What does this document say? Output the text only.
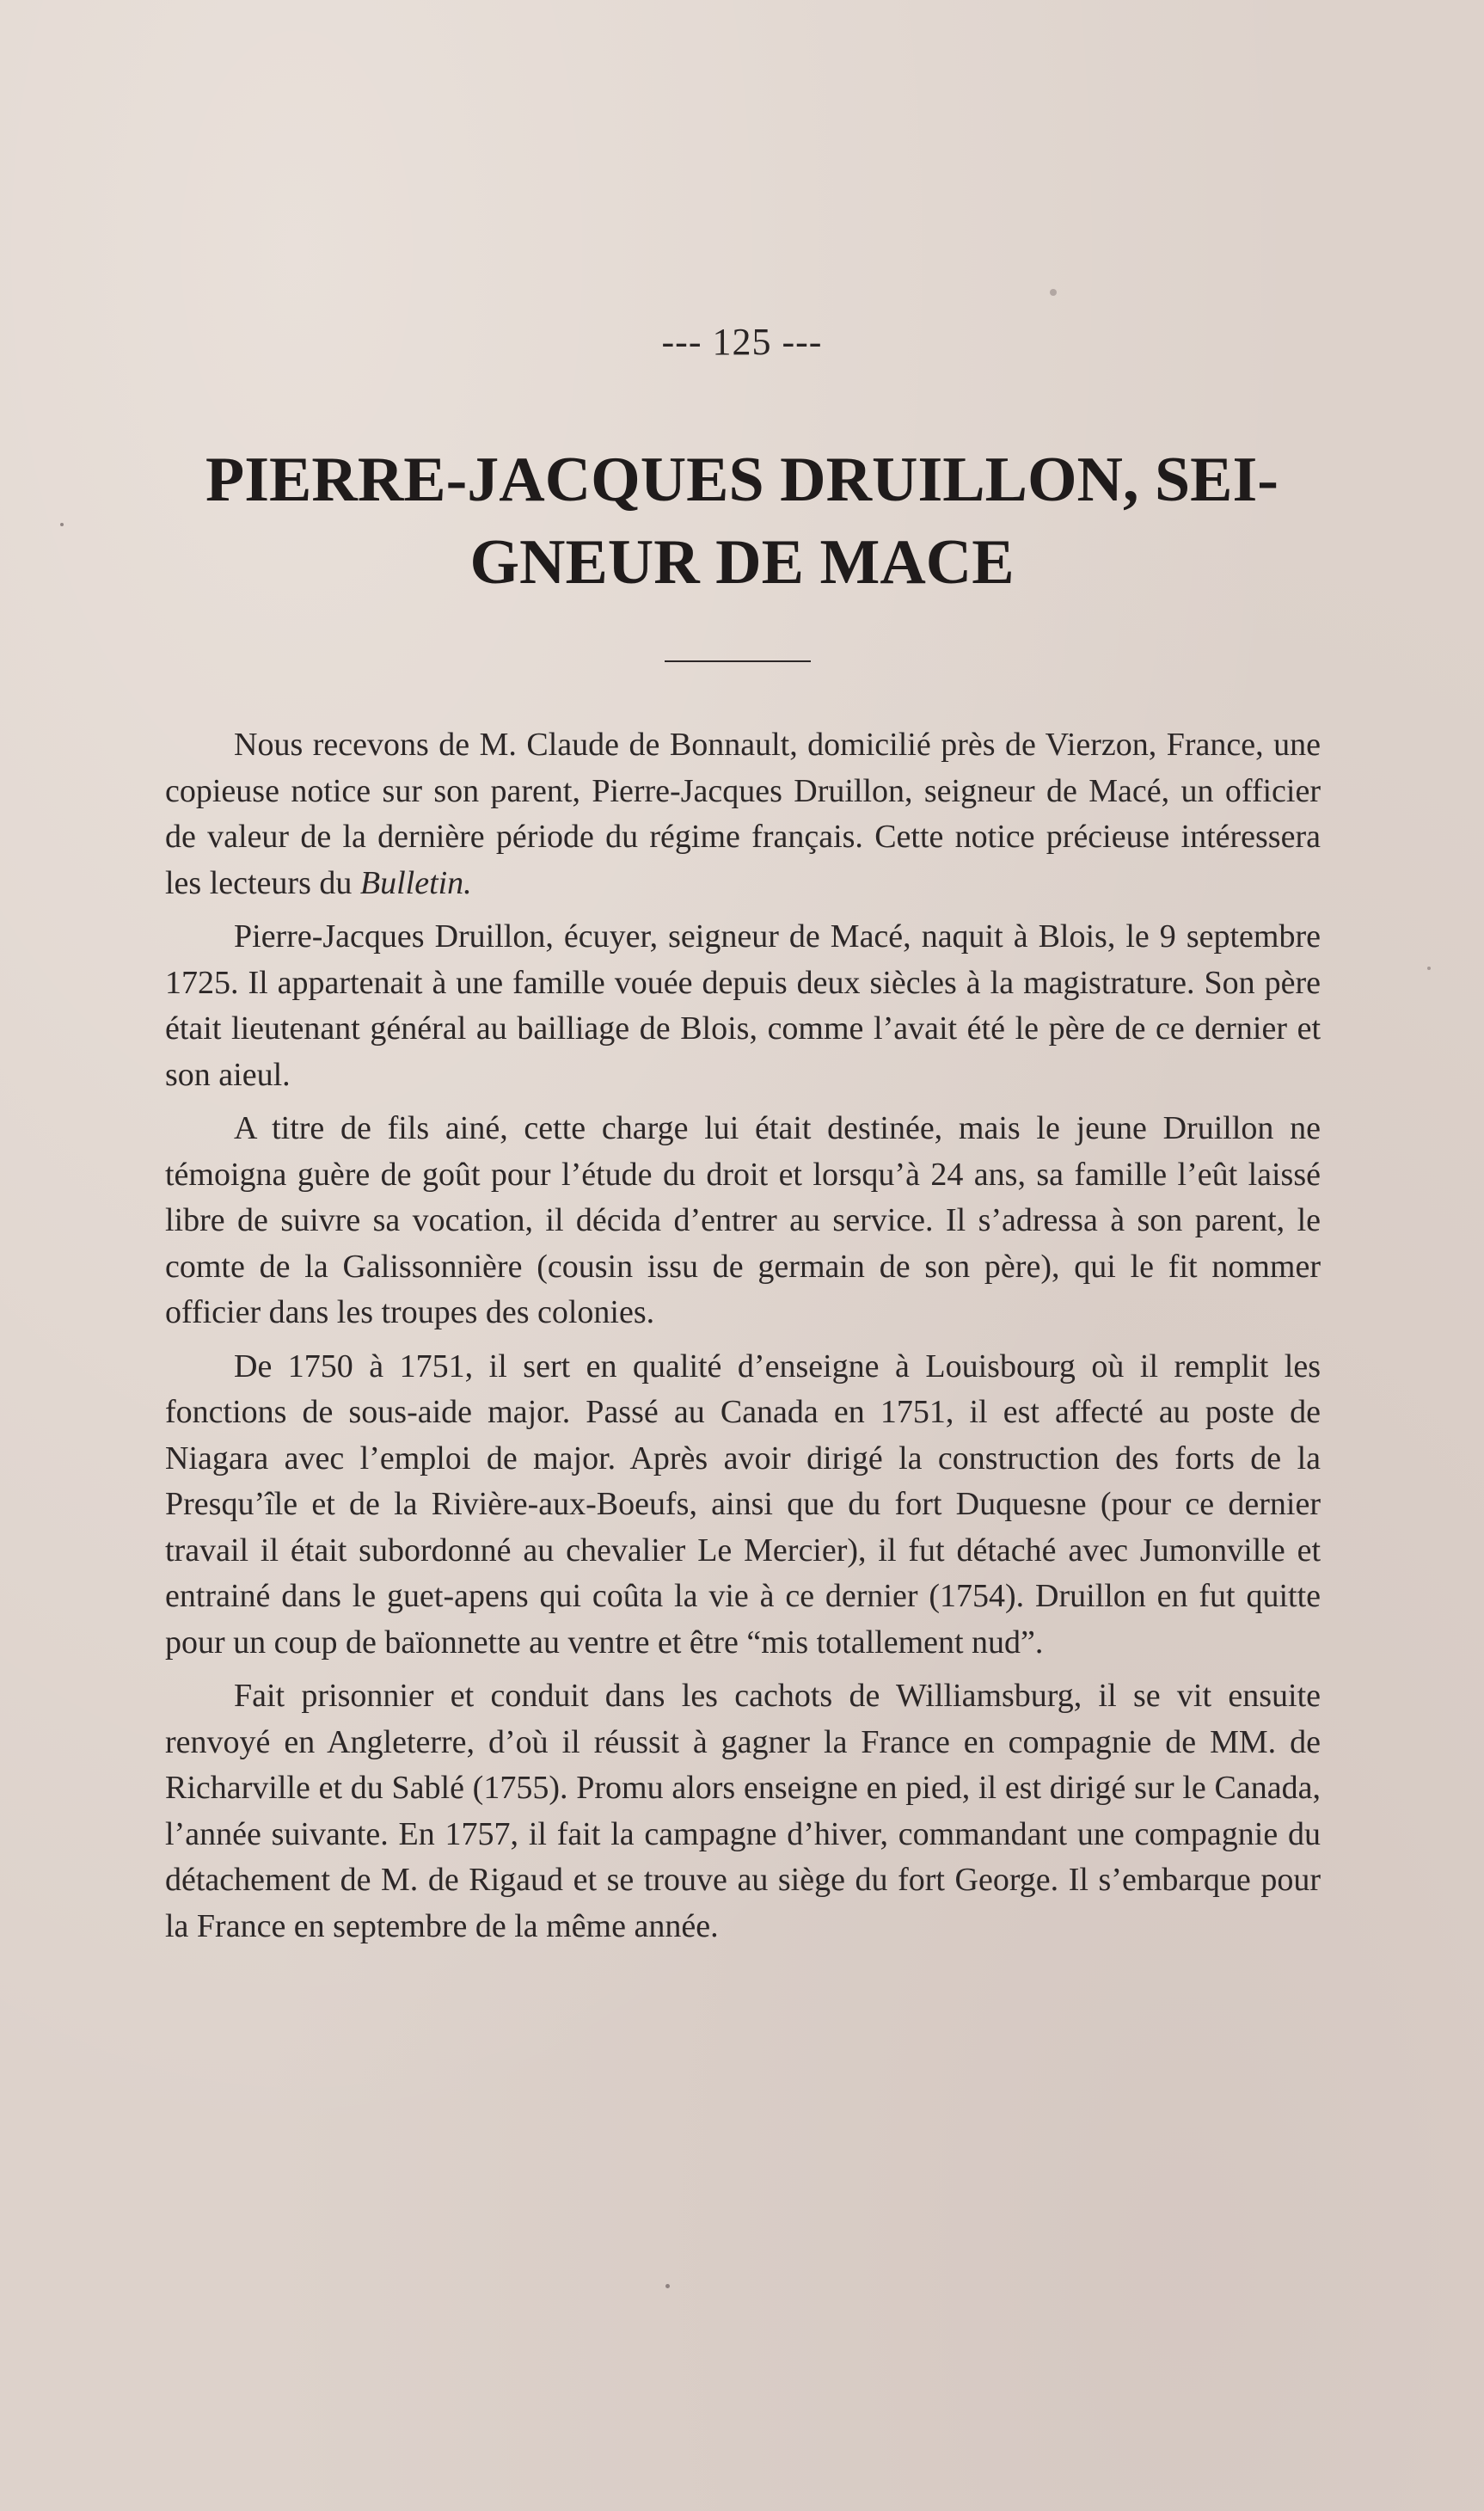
--- 125 ---
PIERRE-JACQUES DRUILLON, SEI-
GNEUR DE MACE

Nous recevons de M. Claude de Bonnault, domicilié près de Vierzon, France, une copieuse notice sur son parent, Pierre-Jacques Druillon, seigneur de Macé, un officier de valeur de la dernière période du régime français. Cette notice précieuse intéressera les lecteurs du Bulletin.

Pierre-Jacques Druillon, écuyer, seigneur de Macé, naquit à Blois, le 9 septembre 1725. Il appartenait à une famille vouée depuis deux siècles à la magistrature. Son père était lieutenant général au bailliage de Blois, comme l’avait été le père de ce dernier et son aieul.

A titre de fils ainé, cette charge lui était destinée, mais le jeune Druillon ne témoigna guère de goût pour l’étude du droit et lorsqu’à 24 ans, sa famille l’eût laissé libre de suivre sa vocation, il décida d’entrer au service. Il s’adressa à son parent, le comte de la Galissonnière (cousin issu de germain de son père), qui le fit nommer officier dans les troupes des colonies.

De 1750 à 1751, il sert en qualité d’enseigne à Louisbourg où il remplit les fonctions de sous-aide major. Passé au Canada en 1751, il est affecté au poste de Niagara avec l’emploi de major. Après avoir dirigé la construction des forts de la Presqu’île et de la Rivière-aux-Boeufs, ainsi que du fort Duquesne (pour ce dernier travail il était subordonné au chevalier Le Mercier), il fut détaché avec Jumonville et entrainé dans le guet-apens qui coûta la vie à ce dernier (1754). Druillon en fut quitte pour un coup de baïonnette au ventre et être “mis totallement nud”.

Fait prisonnier et conduit dans les cachots de Williamsburg, il se vit ensuite renvoyé en Angleterre, d’où il réussit à gagner la France en compagnie de MM. de Richarville et du Sablé (1755). Promu alors enseigne en pied, il est dirigé sur le Canada, l’année suivante. En 1757, il fait la campagne d’hiver, commandant une compagnie du détachement de M. de Rigaud et se trouve au siège du fort George. Il s’embarque pour la France en septembre de la même année.
